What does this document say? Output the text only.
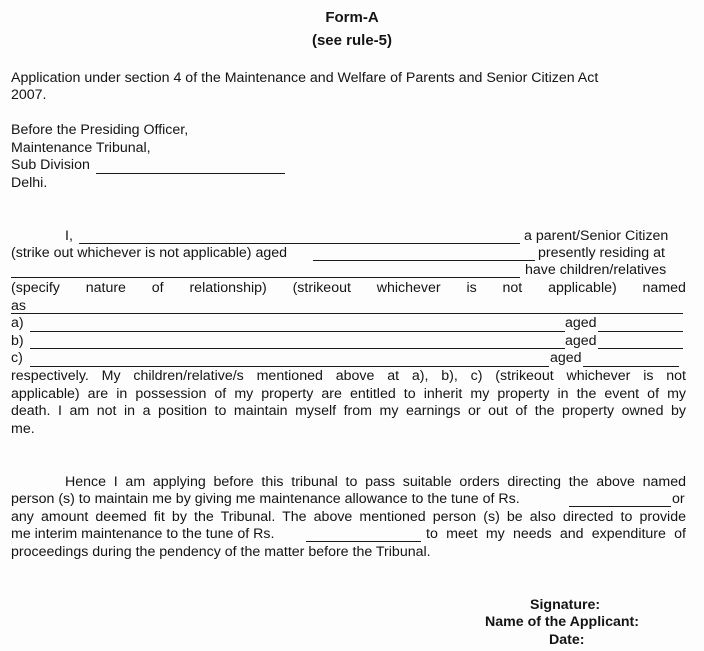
Form-A
(see rule-5)
Application under section 4 of the Maintenance and Welfare of Parents and Senior Citizen Act
2007.
Before the Presiding Officer,
Maintenance Tribunal,
Sub Division
Delhi.
I,	a parent/Senior Citizen
(strike out whichever is not applicable) aged	presently residing at
have children/relatives
(specify nature of relationship) (strikeout whichever is not applicable) named
as
a)	aged
b)	aged
c)	aged
respectively. My children/relative/s mentioned above at a), b), c) (strikeout whichever is not
applicable) are in possession of my property are entitled to inherit my property in the event of my
death. I am not in a position to maintain myself from my earnings or out of the property owned by
me.
Hence I am applying before this tribunal to pass suitable orders directing the above named
person (s) to maintain me by giving me maintenance allowance to the tune of Rs.	or
any amount deemed fit by the Tribunal. The above mentioned person (s) be also directed to provide
me interim maintenance to the tune of Rs.	to meet my needs and expenditure of
proceedings during the pendency of the matter before the Tribunal.
Signature:
Name of the Applicant:
Date:
